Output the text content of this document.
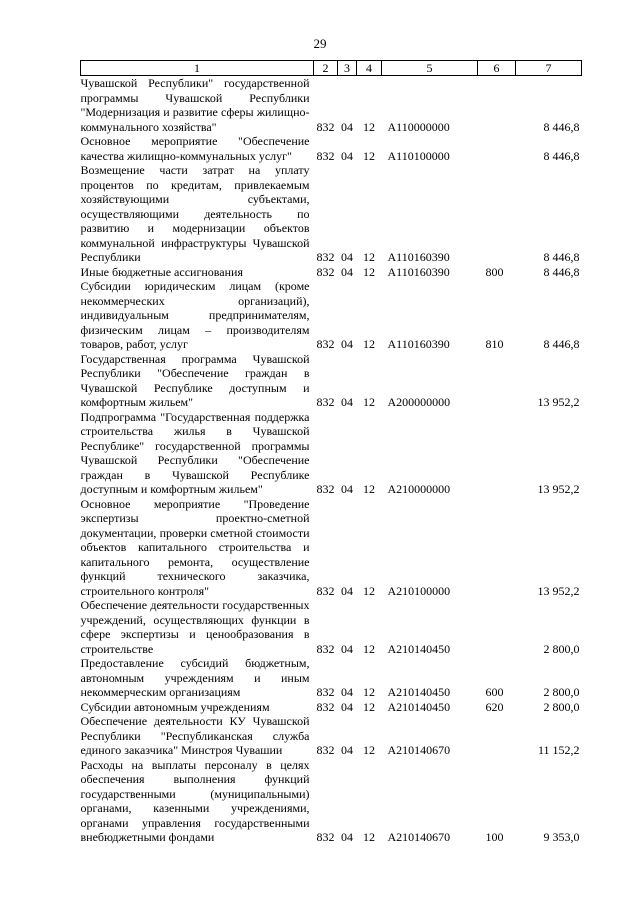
29
1	2	3	4	5	6	7
Чувашской Республики" государственной программы Чувашской Республики "Модернизация и развитие сферы жилищно-коммунального хозяйства"	832	04	12	A110000000		8 446,8
Основное мероприятие "Обеспечение качества жилищно-коммунальных услуг"	832	04	12	A110100000		8 446,8
Возмещение части затрат на уплату процентов по кредитам, привлекаемым хозяйствующими субъектами, осуществляющими деятельность по развитию и модернизации объектов коммунальной инфраструктуры Чувашской Республики	832	04	12	A110160390		8 446,8
Иные бюджетные ассигнования	832	04	12	A110160390	800	8 446,8
Субсидии юридическим лицам (кроме некоммерческих организаций), индивидуальным предпринимателям, физическим лицам – производителям товаров, работ, услуг	832	04	12	A110160390	810	8 446,8
Государственная программа Чувашской Республики "Обеспечение граждан в Чувашской Республике доступным и комфортным жильем"	832	04	12	A200000000		13 952,2
Подпрограмма "Государственная поддержка строительства жилья в Чувашской Республике" государственной программы Чувашской Республики "Обеспечение граждан в Чувашской Республике доступным и комфортным жильем"	832	04	12	A210000000		13 952,2
Основное мероприятие "Проведение экспертизы проектно-сметной документации, проверки сметной стоимости объектов капитального строительства и капитального ремонта, осуществление функций технического заказчика, строительного контроля"	832	04	12	A210100000		13 952,2
Обеспечение деятельности государственных учреждений, осуществляющих функции в сфере экспертизы и ценообразования в строительстве	832	04	12	A210140450		2 800,0
Предоставление субсидий бюджетным, автономным учреждениям и иным некоммерческим организациям	832	04	12	A210140450	600	2 800,0
Субсидии автономным учреждениям	832	04	12	A210140450	620	2 800,0
Обеспечение деятельности КУ Чувашской Республики "Республиканская служба единого заказчика" Минстроя Чувашии	832	04	12	A210140670		11 152,2
Расходы на выплаты персоналу в целях обеспечения выполнения функций государственными (муниципальными) органами, казенными учреждениями, органами управления государственными внебюджетными фондами	832	04	12	A210140670	100	9 353,0
